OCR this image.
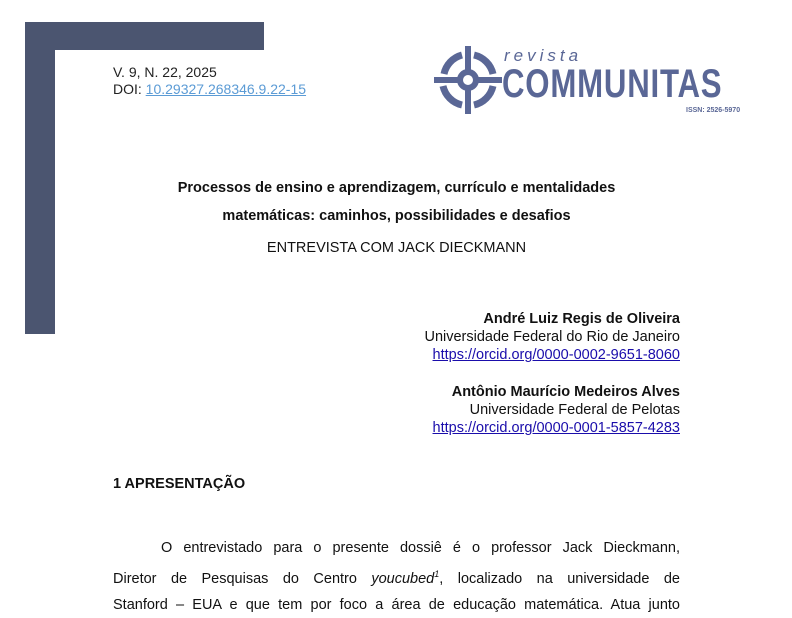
V. 9, N. 22, 2025
DOI: 10.29327.268346.9.22-15
revista
COMMUNITAS
ISSN: 2526-5970
Processos de ensino e aprendizagem, currículo e mentalidades
matemáticas: caminhos, possibilidades e desafios
ENTREVISTA COM JACK DIECKMANN
André Luiz Regis de Oliveira
Universidade Federal do Rio de Janeiro
https://orcid.org/0000-0002-9651-8060
Antônio Maurício Medeiros Alves
Universidade Federal de Pelotas
https://orcid.org/0000-0001-5857-4283
1 APRESENTAÇÃO
O entrevistado para o presente dossiê é o professor Jack Dieckmann,
Diretor de Pesquisas do Centro youcubed$^1$, localizado na universidade de
Stanford – EUA e que tem por foco a área de educação matemática. Atua junto
